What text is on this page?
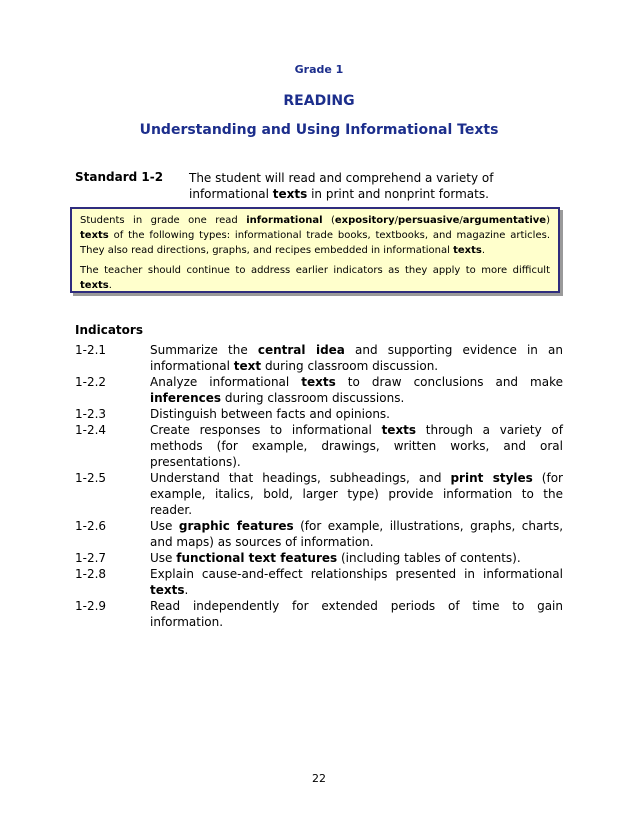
Grade 1
READING
Understanding and Using Informational Texts
Standard 1-2 The student will read and comprehend a variety of informational texts in print and nonprint formats.

Students in grade one read informational (expository/persuasive/argumentative) texts of the following types: informational trade books, textbooks, and magazine articles. They also read directions, graphs, and recipes embedded in informational texts.

The teacher should continue to address earlier indicators as they apply to more difficult texts.

Indicators
1-2.1	Summarize the central idea and supporting evidence in an informational text during classroom discussion.
1-2.2	Analyze informational texts to draw conclusions and make inferences during classroom discussions.
1-2.3	Distinguish between facts and opinions.
1-2.4	Create responses to informational texts through a variety of methods (for example, drawings, written works, and oral presentations).
1-2.5	Understand that headings, subheadings, and print styles (for example, italics, bold, larger type) provide information to the reader.
1-2.6	Use graphic features (for example, illustrations, graphs, charts, and maps) as sources of information.
1-2.7	Use functional text features (including tables of contents).
1-2.8	Explain cause-and-effect relationships presented in informational texts.
1-2.9	Read independently for extended periods of time to gain information.
22
